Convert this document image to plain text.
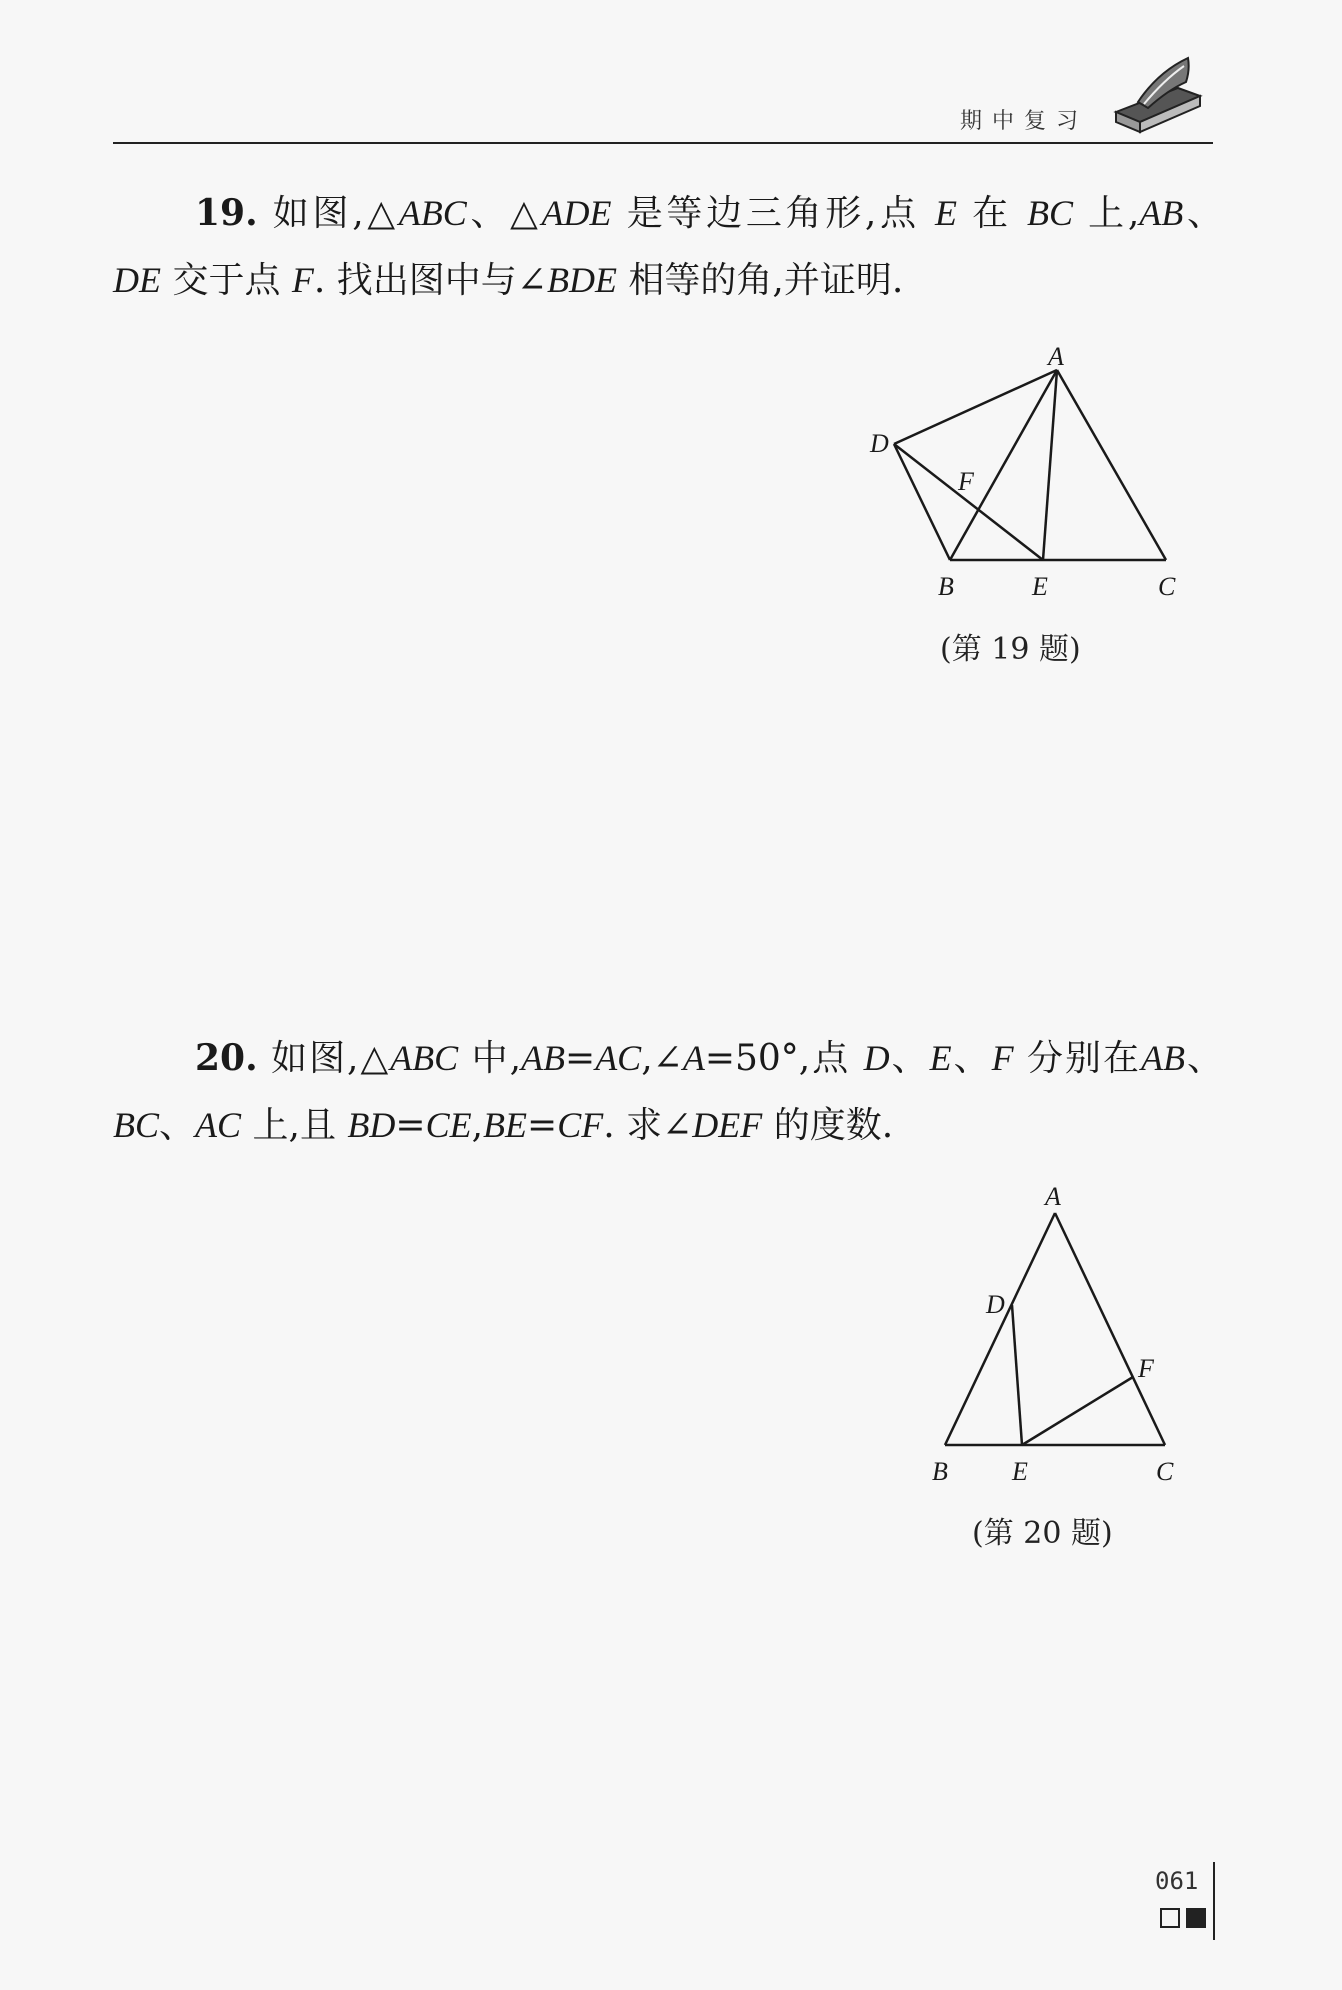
期中复习
19. 如图,△ABC、△ADE 是等边三角形,点 E 在 BC 上,AB、DE 交于点 F. 找出图中与∠BDE 相等的角,并证明.
A
D
F
B	E	C
(第 19 题)
20. 如图,△ABC 中,AB=AC,∠A=50°,点 D、E、F 分别在AB、BC、AC 上,且 BD=CE,BE=CF. 求∠DEF 的度数.
A
D
F
B E	C
(第 20 题)
061
